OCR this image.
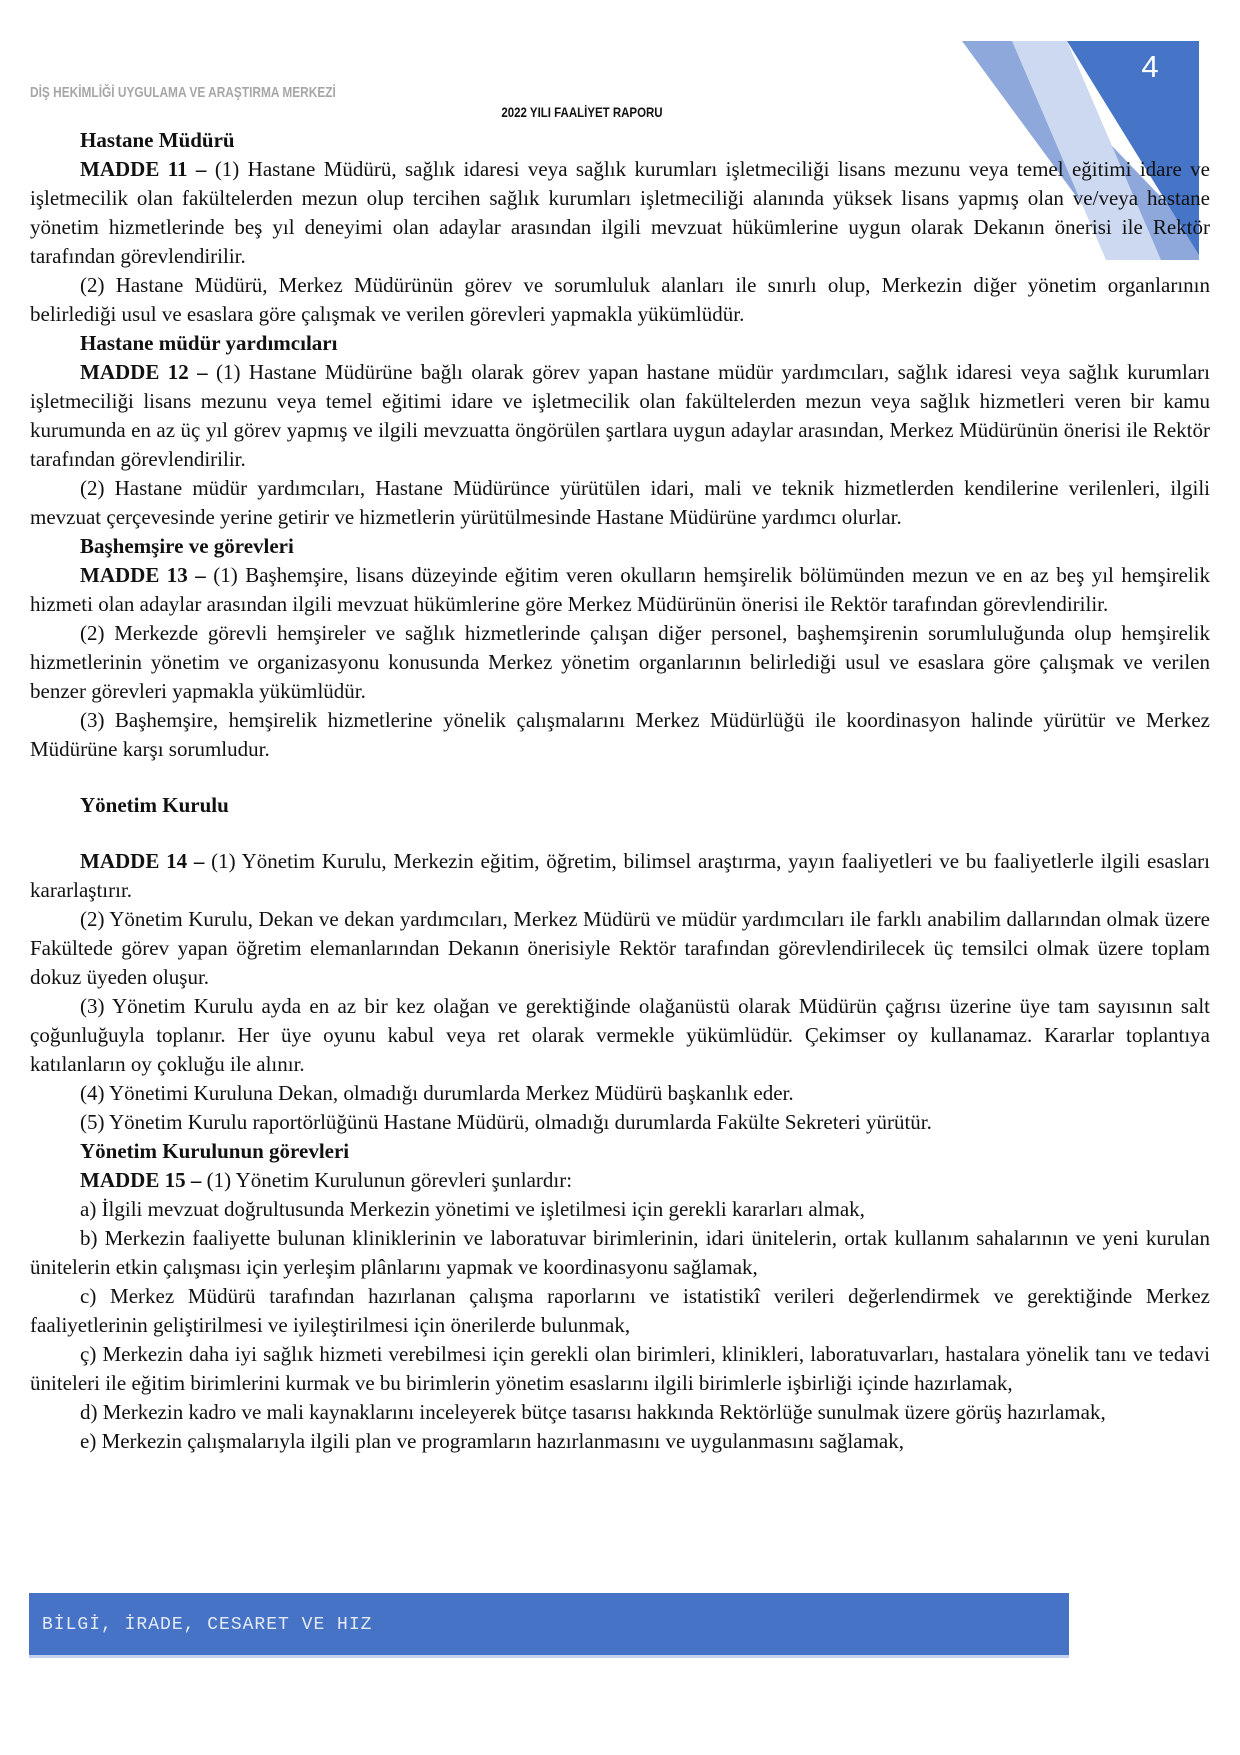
4
DİŞ HEKİMLİĞİ UYGULAMA VE ARAŞTIRMA MERKEZİ
2022 YILI FAALİYET RAPORU

Hastane Müdürü

MADDE 11 – (1) Hastane Müdürü, sağlık idaresi veya sağlık kurumları işletmeciliği lisans mezunu veya temel eğitimi idare ve işletmecilik olan fakültelerden mezun olup tercihen sağlık kurumları işletmeciliği alanında yüksek lisans yapmış olan ve/veya hastane yönetim hizmetlerinde beş yıl deneyimi olan adaylar arasından ilgili mevzuat hükümlerine uygun olarak Dekanın önerisi ile Rektör tarafından görevlendirilir.

(2) Hastane Müdürü, Merkez Müdürünün görev ve sorumluluk alanları ile sınırlı olup, Merkezin diğer yönetim organlarının belirlediği usul ve esaslara göre çalışmak ve verilen görevleri yapmakla yükümlüdür.

Hastane müdür yardımcıları

MADDE 12 – (1) Hastane Müdürüne bağlı olarak görev yapan hastane müdür yardımcıları, sağlık idaresi veya sağlık kurumları işletmeciliği lisans mezunu veya temel eğitimi idare ve işletmecilik olan fakültelerden mezun veya sağlık hizmetleri veren bir kamu kurumunda en az üç yıl görev yapmış ve ilgili mevzuatta öngörülen şartlara uygun adaylar arasından, Merkez Müdürünün önerisi ile Rektör tarafından görevlendirilir.

(2) Hastane müdür yardımcıları, Hastane Müdürünce yürütülen idari, mali ve teknik hizmetlerden kendilerine verilenleri, ilgili mevzuat çerçevesinde yerine getirir ve hizmetlerin yürütülmesinde Hastane Müdürüne yardımcı olurlar.

Başhemşire ve görevleri

MADDE 13 – (1) Başhemşire, lisans düzeyinde eğitim veren okulların hemşirelik bölümünden mezun ve en az beş yıl hemşirelik hizmeti olan adaylar arasından ilgili mevzuat hükümlerine göre Merkez Müdürünün önerisi ile Rektör tarafından görevlendirilir.

(2) Merkezde görevli hemşireler ve sağlık hizmetlerinde çalışan diğer personel, başhemşirenin sorumluluğunda olup hemşirelik hizmetlerinin yönetim ve organizasyonu konusunda Merkez yönetim organlarının belirlediği usul ve esaslara göre çalışmak ve verilen benzer görevleri yapmakla yükümlüdür.

(3) Başhemşire, hemşirelik hizmetlerine yönelik çalışmalarını Merkez Müdürlüğü ile koordinasyon halinde yürütür ve Merkez Müdürüne karşı sorumludur.

Yönetim Kurulu

MADDE 14 – (1) Yönetim Kurulu, Merkezin eğitim, öğretim, bilimsel araştırma, yayın faaliyetleri ve bu faaliyetlerle ilgili esasları kararlaştırır.

(2) Yönetim Kurulu, Dekan ve dekan yardımcıları, Merkez Müdürü ve müdür yardımcıları ile farklı anabilim dallarından olmak üzere Fakültede görev yapan öğretim elemanlarından Dekanın önerisiyle Rektör tarafından görevlendirilecek üç temsilci olmak üzere toplam dokuz üyeden oluşur.

(3) Yönetim Kurulu ayda en az bir kez olağan ve gerektiğinde olağanüstü olarak Müdürün çağrısı üzerine üye tam sayısının salt çoğunluğuyla toplanır. Her üye oyunu kabul veya ret olarak vermekle yükümlüdür. Çekimser oy kullanamaz. Kararlar toplantıya katılanların oy çokluğu ile alınır.

(4) Yönetimi Kuruluna Dekan, olmadığı durumlarda Merkez Müdürü başkanlık eder.

(5) Yönetim Kurulu raportörlüğünü Hastane Müdürü, olmadığı durumlarda Fakülte Sekreteri yürütür.

Yönetim Kurulunun görevleri

MADDE 15 – (1) Yönetim Kurulunun görevleri şunlardır:

a) İlgili mevzuat doğrultusunda Merkezin yönetimi ve işletilmesi için gerekli kararları almak,

b) Merkezin faaliyette bulunan kliniklerinin ve laboratuvar birimlerinin, idari ünitelerin, ortak kullanım sahalarının ve yeni kurulan ünitelerin etkin çalışması için yerleşim plânlarını yapmak ve koordinasyonu sağlamak,

c) Merkez Müdürü tarafından hazırlanan çalışma raporlarını ve istatistikî verileri değerlendirmek ve gerektiğinde Merkez faaliyetlerinin geliştirilmesi ve iyileştirilmesi için önerilerde bulunmak,

ç) Merkezin daha iyi sağlık hizmeti verebilmesi için gerekli olan birimleri, klinikleri, laboratuvarları, hastalara yönelik tanı ve tedavi üniteleri ile eğitim birimlerini kurmak ve bu birimlerin yönetim esaslarını ilgili birimlerle işbirliği içinde hazırlamak,

d) Merkezin kadro ve mali kaynaklarını inceleyerek bütçe tasarısı hakkında Rektörlüğe sunulmak üzere görüş hazırlamak,

e) Merkezin çalışmalarıyla ilgili plan ve programların hazırlanmasını ve uygulanmasını sağlamak,

BİLGİ, İRADE, CESARET VE HIZ
